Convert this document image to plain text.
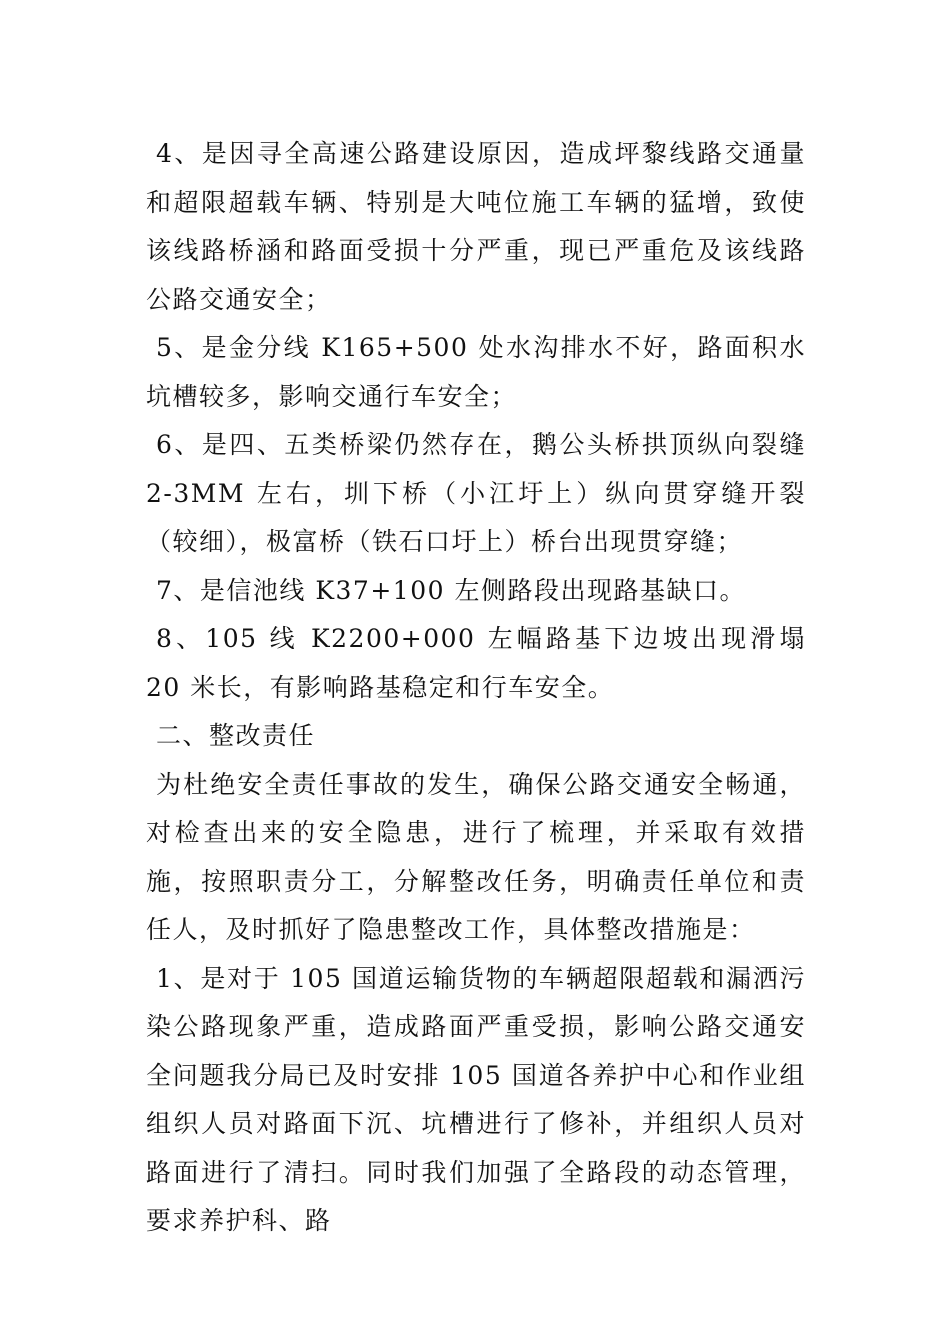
4、是因寻全高速公路建设原因，造成坪黎线路交通量和超限超载车辆、特别是大吨位施工车辆的猛增，致使该线路桥涵和路面受损十分严重，现已严重危及该线路公路交通安全；

5、是金分线 K165+500 处水沟排水不好，路面积水坑槽较多，影响交通行车安全；

6、是四、五类桥梁仍然存在，鹅公头桥拱顶纵向裂缝 2-3MM 左右，圳下桥（小江圩上）纵向贯穿缝开裂（较细），极富桥（铁石口圩上）桥台出现贯穿缝；

7、是信池线 K37+100 左侧路段出现路基缺口。

8、105 线 K2200+000 左幅路基下边坡出现滑塌 20 米长，有影响路基稳定和行车安全。

二、整改责任

为杜绝安全责任事故的发生，确保公路交通安全畅通，对检查出来的安全隐患，进行了梳理，并采取有效措施，按照职责分工，分解整改任务，明确责任单位和责任人，及时抓好了隐患整改工作，具体整改措施是：

1、是对于 105 国道运输货物的车辆超限超载和漏洒污染公路现象严重，造成路面严重受损，影响公路交通安全问题我分局已及时安排 105 国道各养护中心和作业组组织人员对路面下沉、坑槽进行了修补，并组织人员对路面进行了清扫。同时我们加强了全路段的动态管理，要求养护科、路
